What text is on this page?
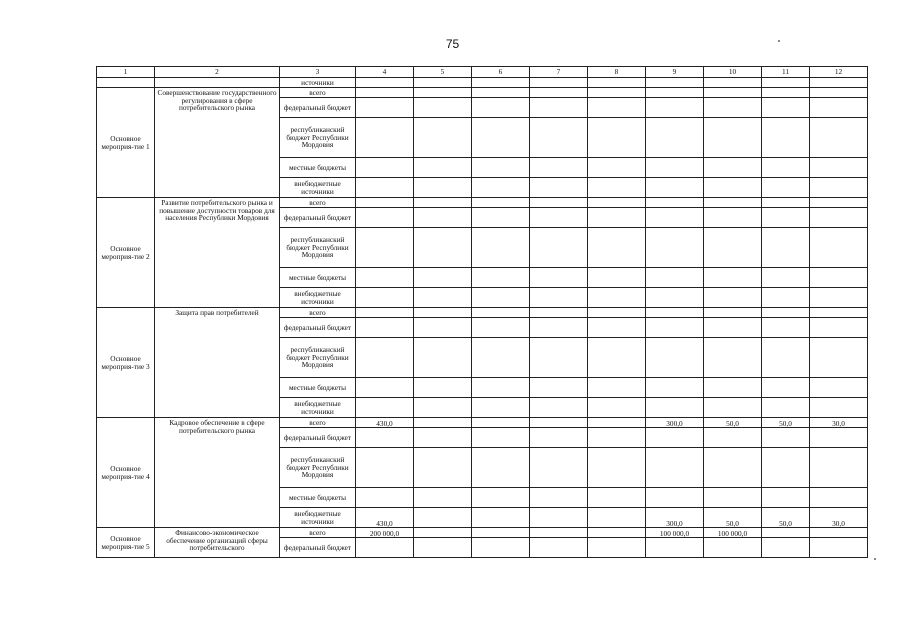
75
1	2	3	4	5	6	7	8	9	10	11	12
		источники									
Основное мероприя-тие 1	Совершенствование государственного регулирования в сфере потребительского рынка	всего									
		федеральный бюджет									
		республиканский бюджет Республики Мордовия									
		местные бюджеты									
		внебюджетные источники									
Основное мероприя-тие 2	Развитие потребительского рынка и повышение доступности товаров для населения Республики Мордовия	всего									
		федеральный бюджет									
		республиканский бюджет Республики Мордовия									
		местные бюджеты									
		внебюджетные источники									
Основное мероприя-тие 3	Защита прав потребителей	всего									
		федеральный бюджет									
		республиканский бюджет Республики Мордовия									
		местные бюджеты									
		внебюджетные источники									
Основное мероприя-тие 4	Кадровое обеспечение в сфере потребительского рынка	всего	430,0					300,0	50,0	50,0	30,0
		федеральный бюджет									
		республиканский бюджет Республики Мордовия									
		местные бюджеты									
		внебюджетные источники	430,0					300,0	50,0	50,0	30,0
Основное мероприя-тие 5	Финансово-экономическое обеспечение организаций сферы потребительского	всего	200 000,0					100 000,0	100 000,0		
		федеральный бюджет									
